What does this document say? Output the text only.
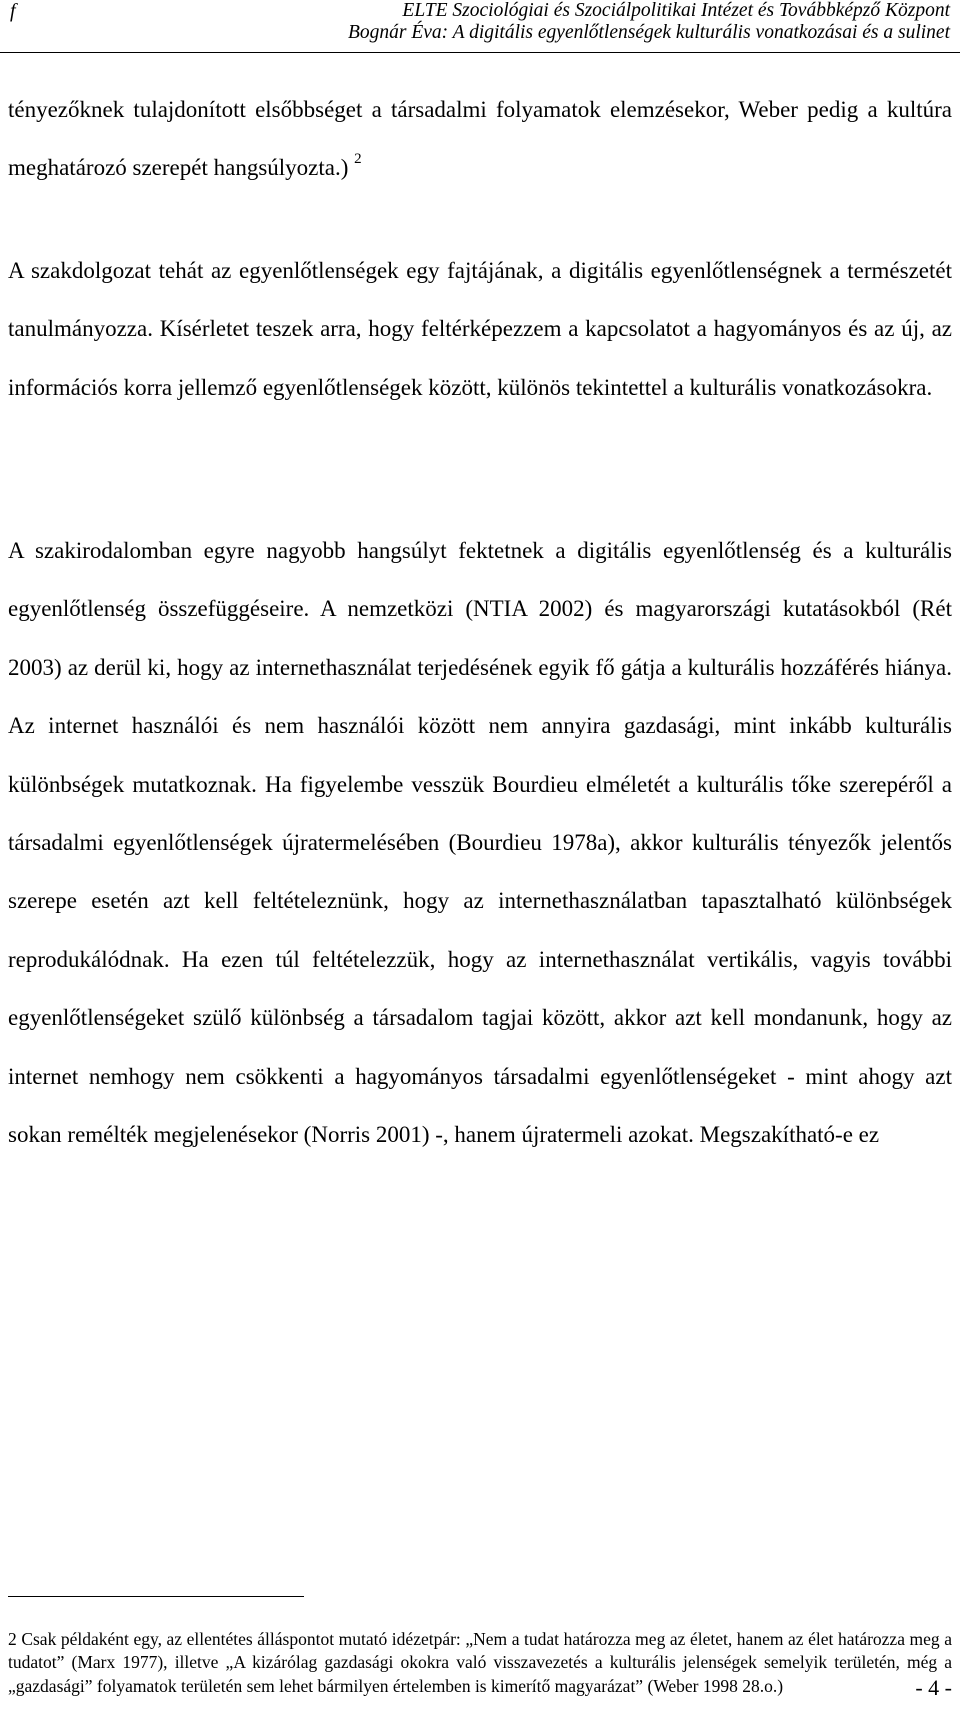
f	ELTE Szociológiai és Szociálpolitikai Intézet és Továbbképző Központ
Bognár Éva: A digitális egyenlőtlenségek kulturális vonatkozásai és a sulinet
tényezőknek tulajdonított elsőbbséget a társadalmi folyamatok elemzésekor, Weber pedig a kultúra meghatározó szerepét hangsúlyozta.) $^2$
A szakdolgozat tehát az egyenlőtlenségek egy fajtájának, a digitális egyenlőtlenségnek a természetét tanulmányozza. Kísérletet teszek arra, hogy feltérképezzem a kapcsolatot a hagyományos és az új, az információs korra jellemző egyenlőtlenségek között, különös tekintettel a kulturális vonatkozásokra.
A szakirodalomban egyre nagyobb hangsúlyt fektetnek a digitális egyenlőtlenség és a kulturális egyenlőtlenség összefüggéseire. A nemzetközi (NTIA 2002) és magyarországi kutatásokból (Rét 2003) az derül ki, hogy az internethasználat terjedésének egyik fő gátja a kulturális hozzáférés hiánya. Az internet használói és nem használói között nem annyira gazdasági, mint inkább kulturális különbségek mutatkoznak. Ha figyelembe vesszük Bourdieu elméletét a kulturális tőke szerepéről a társadalmi egyenlőtlenségek újratermelésében (Bourdieu 1978a), akkor kulturális tényezők jelentős szerepe esetén azt kell feltételeznünk, hogy az internethasználatban tapasztalható különbségek reprodukálódnak. Ha ezen túl feltételezzük, hogy az internethasználat vertikális, vagyis további egyenlőtlenségeket szülő különbség a társadalom tagjai között, akkor azt kell mondanunk, hogy az internet nemhogy nem csökkenti a hagyományos társadalmi egyenlőtlenségeket - mint ahogy azt sokan remélték megjelenésekor (Norris 2001) -, hanem újratermeli azokat. Megszakítható-e ez
2 Csak példaként egy, az ellentétes álláspontot mutató idézetpár: „Nem a tudat határozza meg az életet, hanem az élet határozza meg a tudatot” (Marx 1977), illetve „A kizárólag gazdasági okokra való visszavezetés a kulturális jelenségek semelyik területén, még a „gazdasági” folyamatok területén sem lehet bármilyen értelemben is kimerítő magyarázat” (Weber 1998 28.o.)	- 4 -
